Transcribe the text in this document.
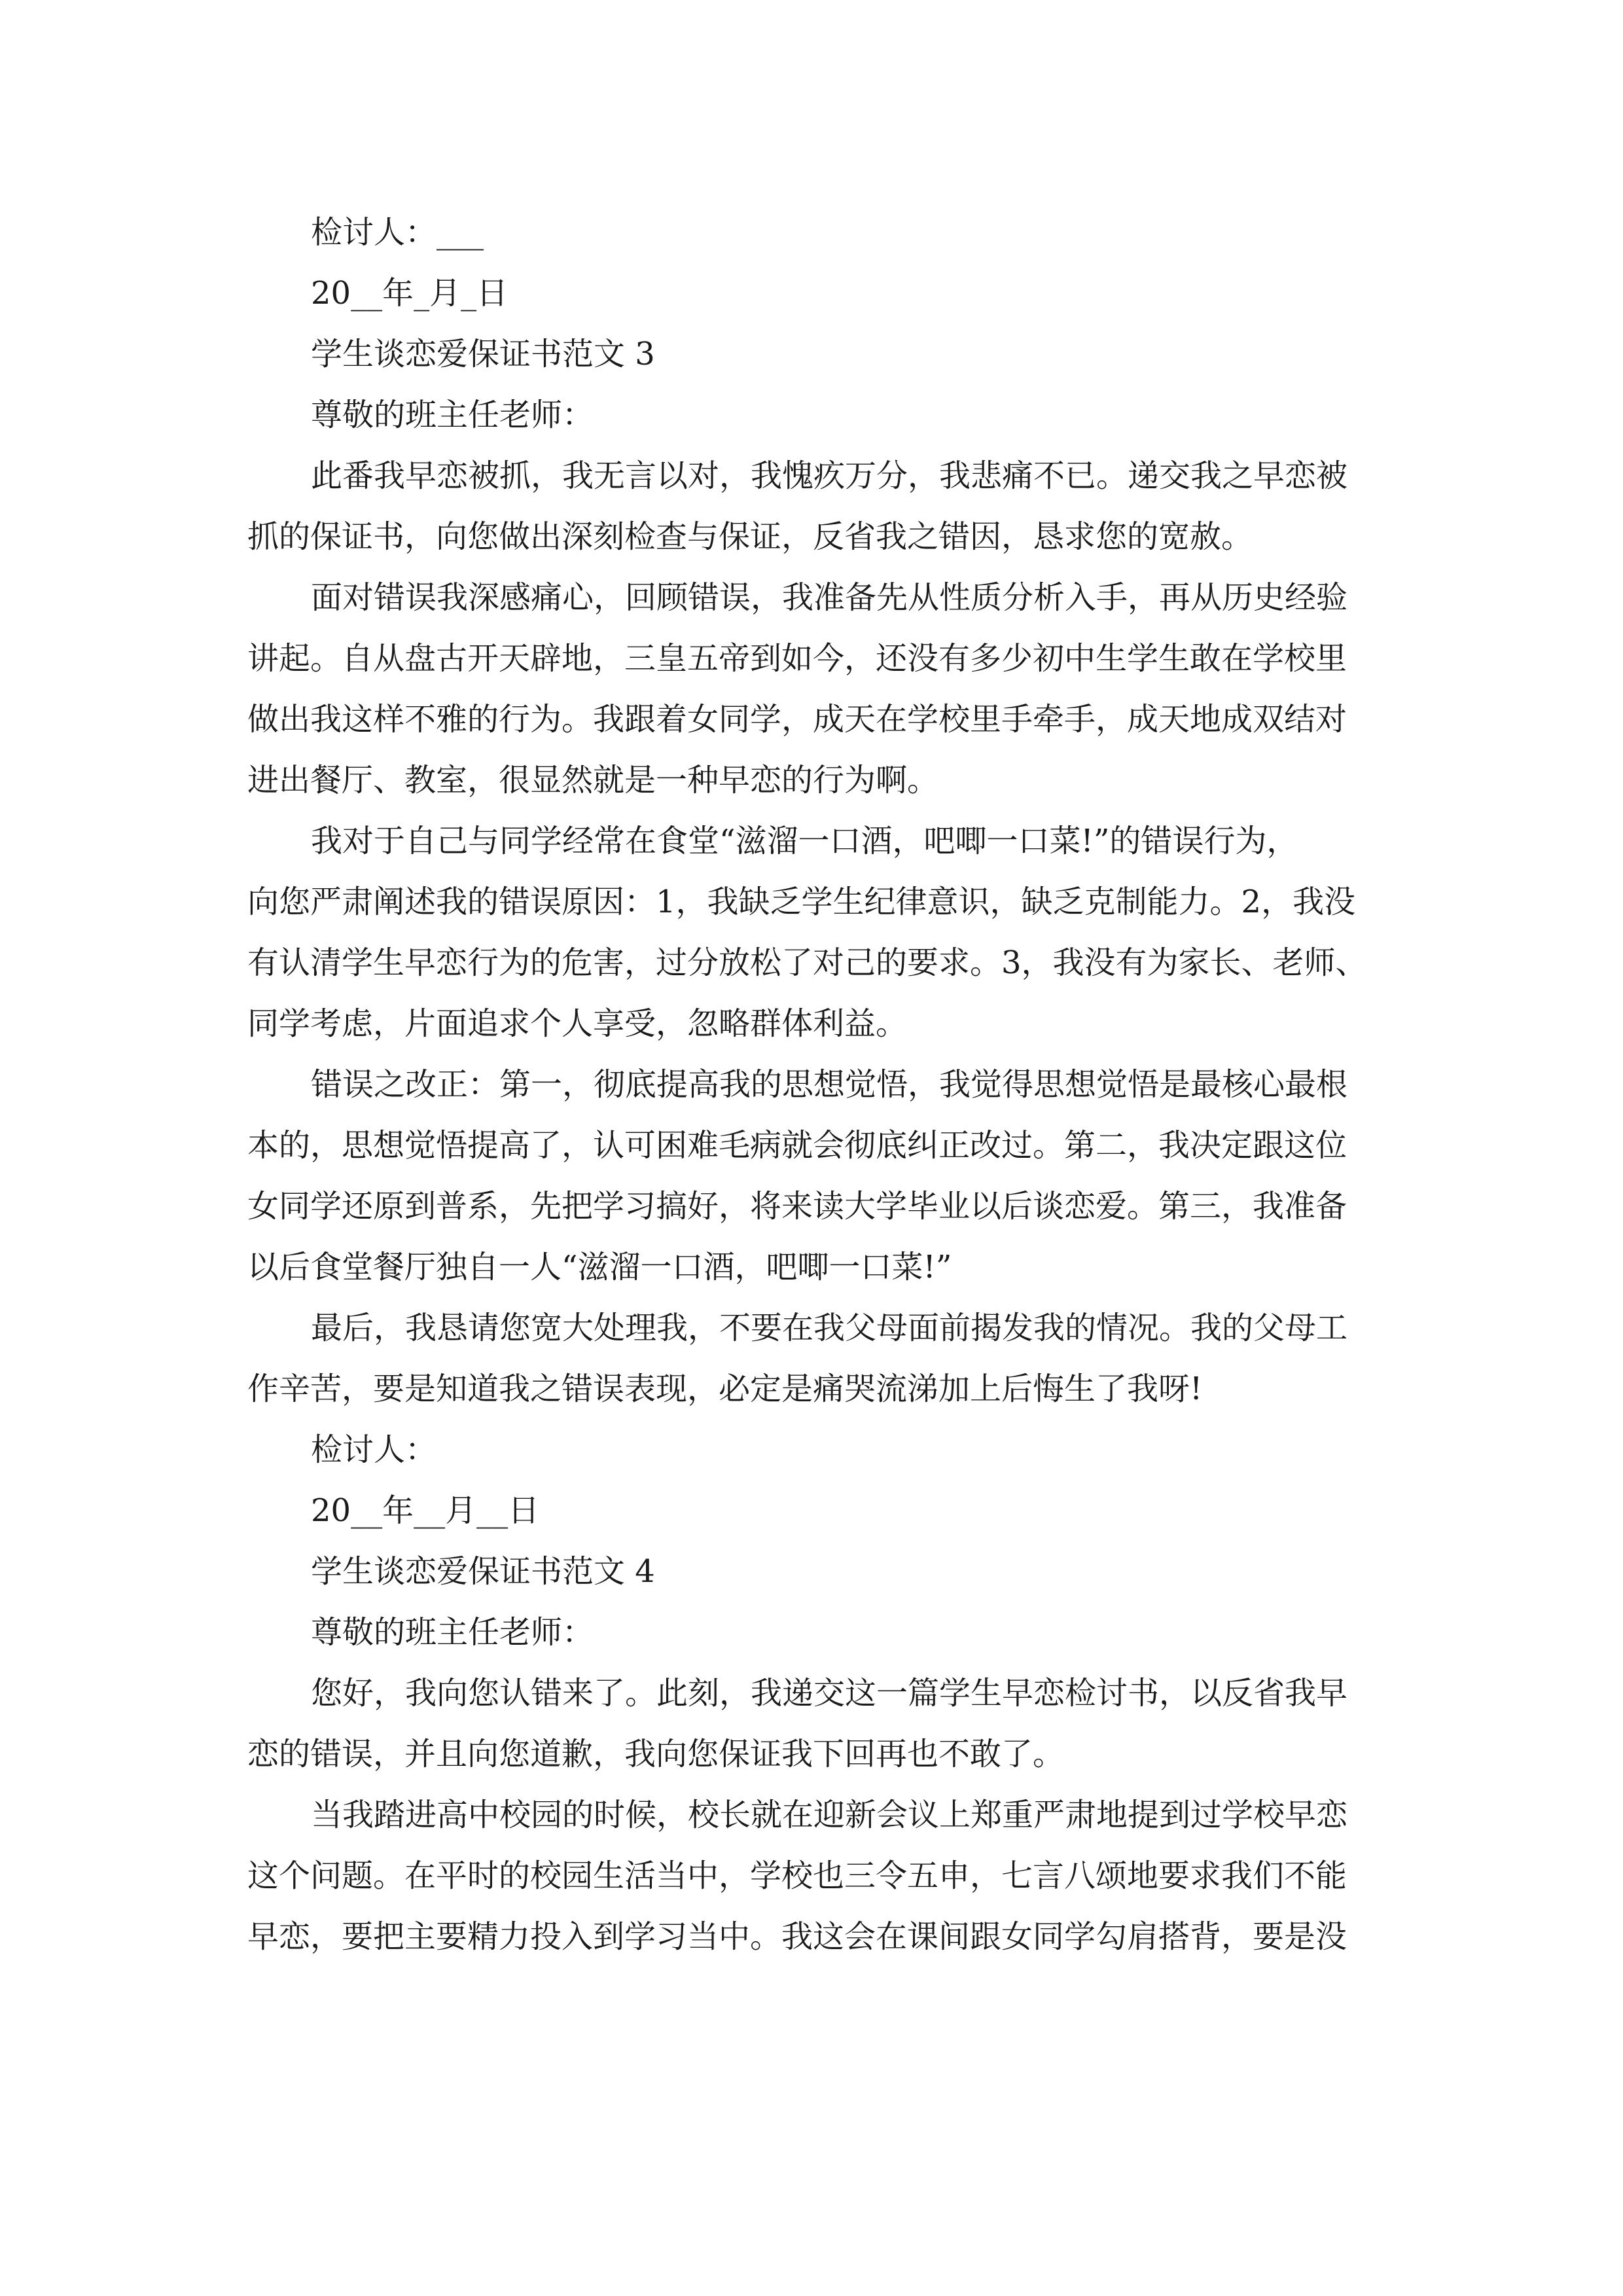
检讨人：___
20__年_月_日
学生谈恋爱保证书范文 3
尊敬的班主任老师：
此番我早恋被抓，我无言以对，我愧疚万分，我悲痛不已。递交我之早恋被
抓的保证书，向您做出深刻检查与保证，反省我之错因，恳求您的宽赦。
面对错误我深感痛心，回顾错误，我准备先从性质分析入手，再从历史经验
讲起。自从盘古开天辟地，三皇五帝到如今，还没有多少初中生学生敢在学校里
做出我这样不雅的行为。我跟着女同学，成天在学校里手牵手，成天地成双结对
进出餐厅、教室，很显然就是一种早恋的行为啊。
我对于自己与同学经常在食堂“滋溜一口酒，吧唧一口菜!”的错误行为，
向您严肃阐述我的错误原因：1，我缺乏学生纪律意识，缺乏克制能力。2，我没
有认清学生早恋行为的危害，过分放松了对己的要求。3，我没有为家长、老师、
同学考虑，片面追求个人享受，忽略群体利益。
错误之改正：第一，彻底提高我的思想觉悟，我觉得思想觉悟是最核心最根
本的，思想觉悟提高了，认可困难毛病就会彻底纠正改过。第二，我决定跟这位
女同学还原到普系，先把学习搞好，将来读大学毕业以后谈恋爱。第三，我准备
以后食堂餐厅独自一人“滋溜一口酒，吧唧一口菜!”
最后，我恳请您宽大处理我，不要在我父母面前揭发我的情况。我的父母工
作辛苦，要是知道我之错误表现，必定是痛哭流涕加上后悔生了我呀!
检讨人：
20__年__月__日
学生谈恋爱保证书范文 4
尊敬的班主任老师：
您好，我向您认错来了。此刻，我递交这一篇学生早恋检讨书，以反省我早
恋的错误，并且向您道歉，我向您保证我下回再也不敢了。
当我踏进高中校园的时候，校长就在迎新会议上郑重严肃地提到过学校早恋
这个问题。在平时的校园生活当中，学校也三令五申，七言八颂地要求我们不能
早恋，要把主要精力投入到学习当中。我这会在课间跟女同学勾肩搭背，要是没
